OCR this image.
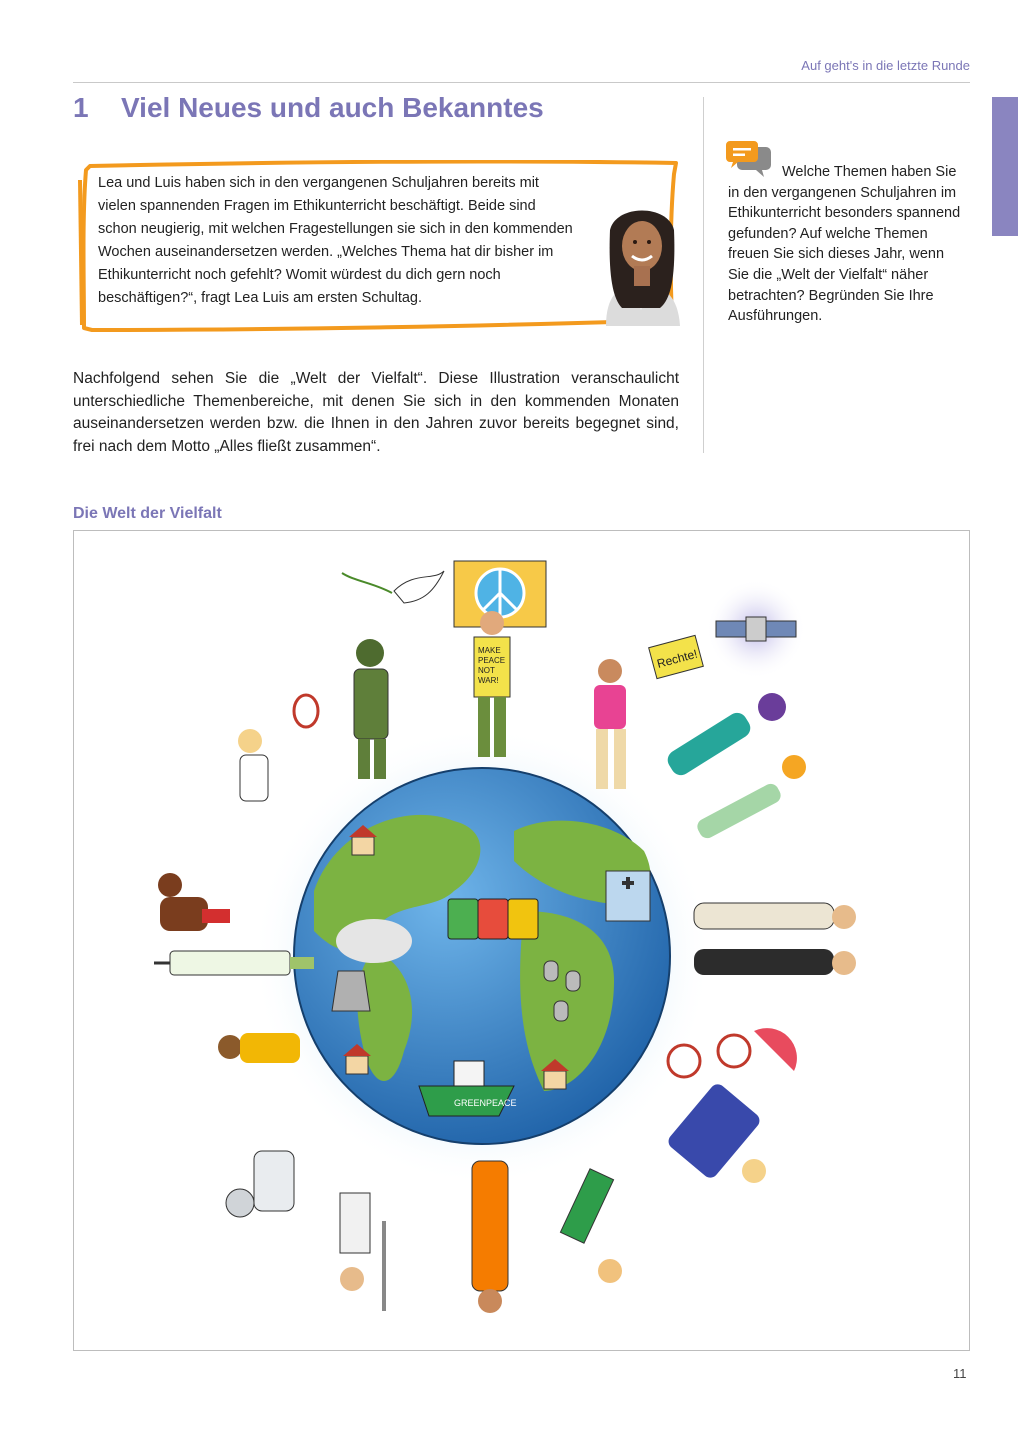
Auf geht's in die letzte Runde
1 Viel Neues und auch Bekanntes

Lea und Luis haben sich in den vergangenen Schuljahren bereits mit vielen spannenden Fragen im Ethikunterricht beschäftigt. Beide sind schon neugierig, mit welchen Fragestellungen sie sich in den kommenden Wochen auseinandersetzen werden. „Welches Thema hat dir bisher im Ethikunterricht noch gefehlt? Womit würdest du dich gern noch beschäftigen?“, fragt Lea Luis am ersten Schultag.

Welche Themen haben Sie in den vergangenen Schuljahren im Ethikunterricht besonders spannend gefunden? Auf welche Themen freuen Sie sich dieses Jahr, wenn Sie die „Welt der Vielfalt“ näher betrachten? Begründen Sie Ihre Ausführungen.

Nachfolgend sehen Sie die „Welt der Vielfalt“. Diese Illustration veranschaulicht unterschiedliche Themenbereiche, mit denen Sie sich in den kommenden Monaten auseinandersetzen werden bzw. die Ihnen in den Jahren zuvor bereits begegnet sind, frei nach dem Motto „Alles fließt zusammen“.

Die Welt der Vielfalt
GREENPEACE
MAKE
PEACE
NOT
WAR!
Rechte!
11
